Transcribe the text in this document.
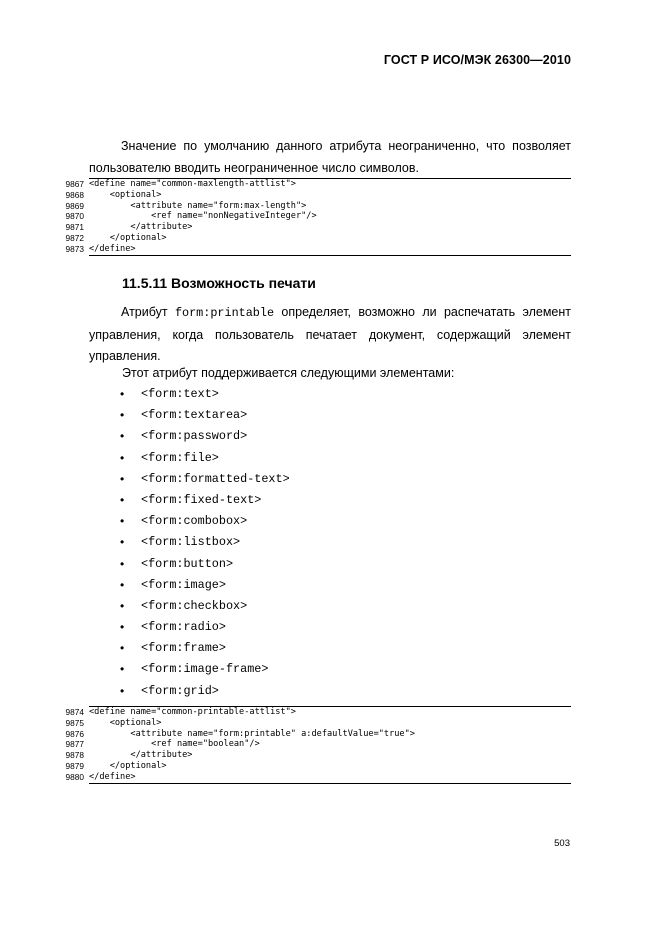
ГОСТ Р ИСО/МЭК 26300—2010
Значение по умолчанию данного атрибута неограниченно, что позволяет пользователю вводить неограниченное число символов.
9867 <define name="common-maxlength-attlist">
9868 <optional>
9869 <attribute name="form:max-length">
9870 <ref name="nonNegativeInteger"/>
9871 </attribute>
9872 </optional>
9873 </define>
11.5.11 Возможность печати
Атрибут form:printable определяет, возможно ли распечатать элемент управления, когда пользователь печатает документ, содержащий элемент управления.
Этот атрибут поддерживается следующими элементами:
• <form:text>
• <form:textarea>
• <form:password>
• <form:file>
• <form:formatted-text>
• <form:fixed-text>
• <form:combobox>
• <form:listbox>
• <form:button>
• <form:image>
• <form:checkbox>
• <form:radio>
• <form:frame>
• <form:image-frame>
• <form:grid>
9874 <define name="common-printable-attlist">
9875 <optional>
9876 <attribute name="form:printable" a:defaultValue="true">
9877 <ref name="boolean"/>
9878 </attribute>
9879 </optional>
9880 </define>
503
